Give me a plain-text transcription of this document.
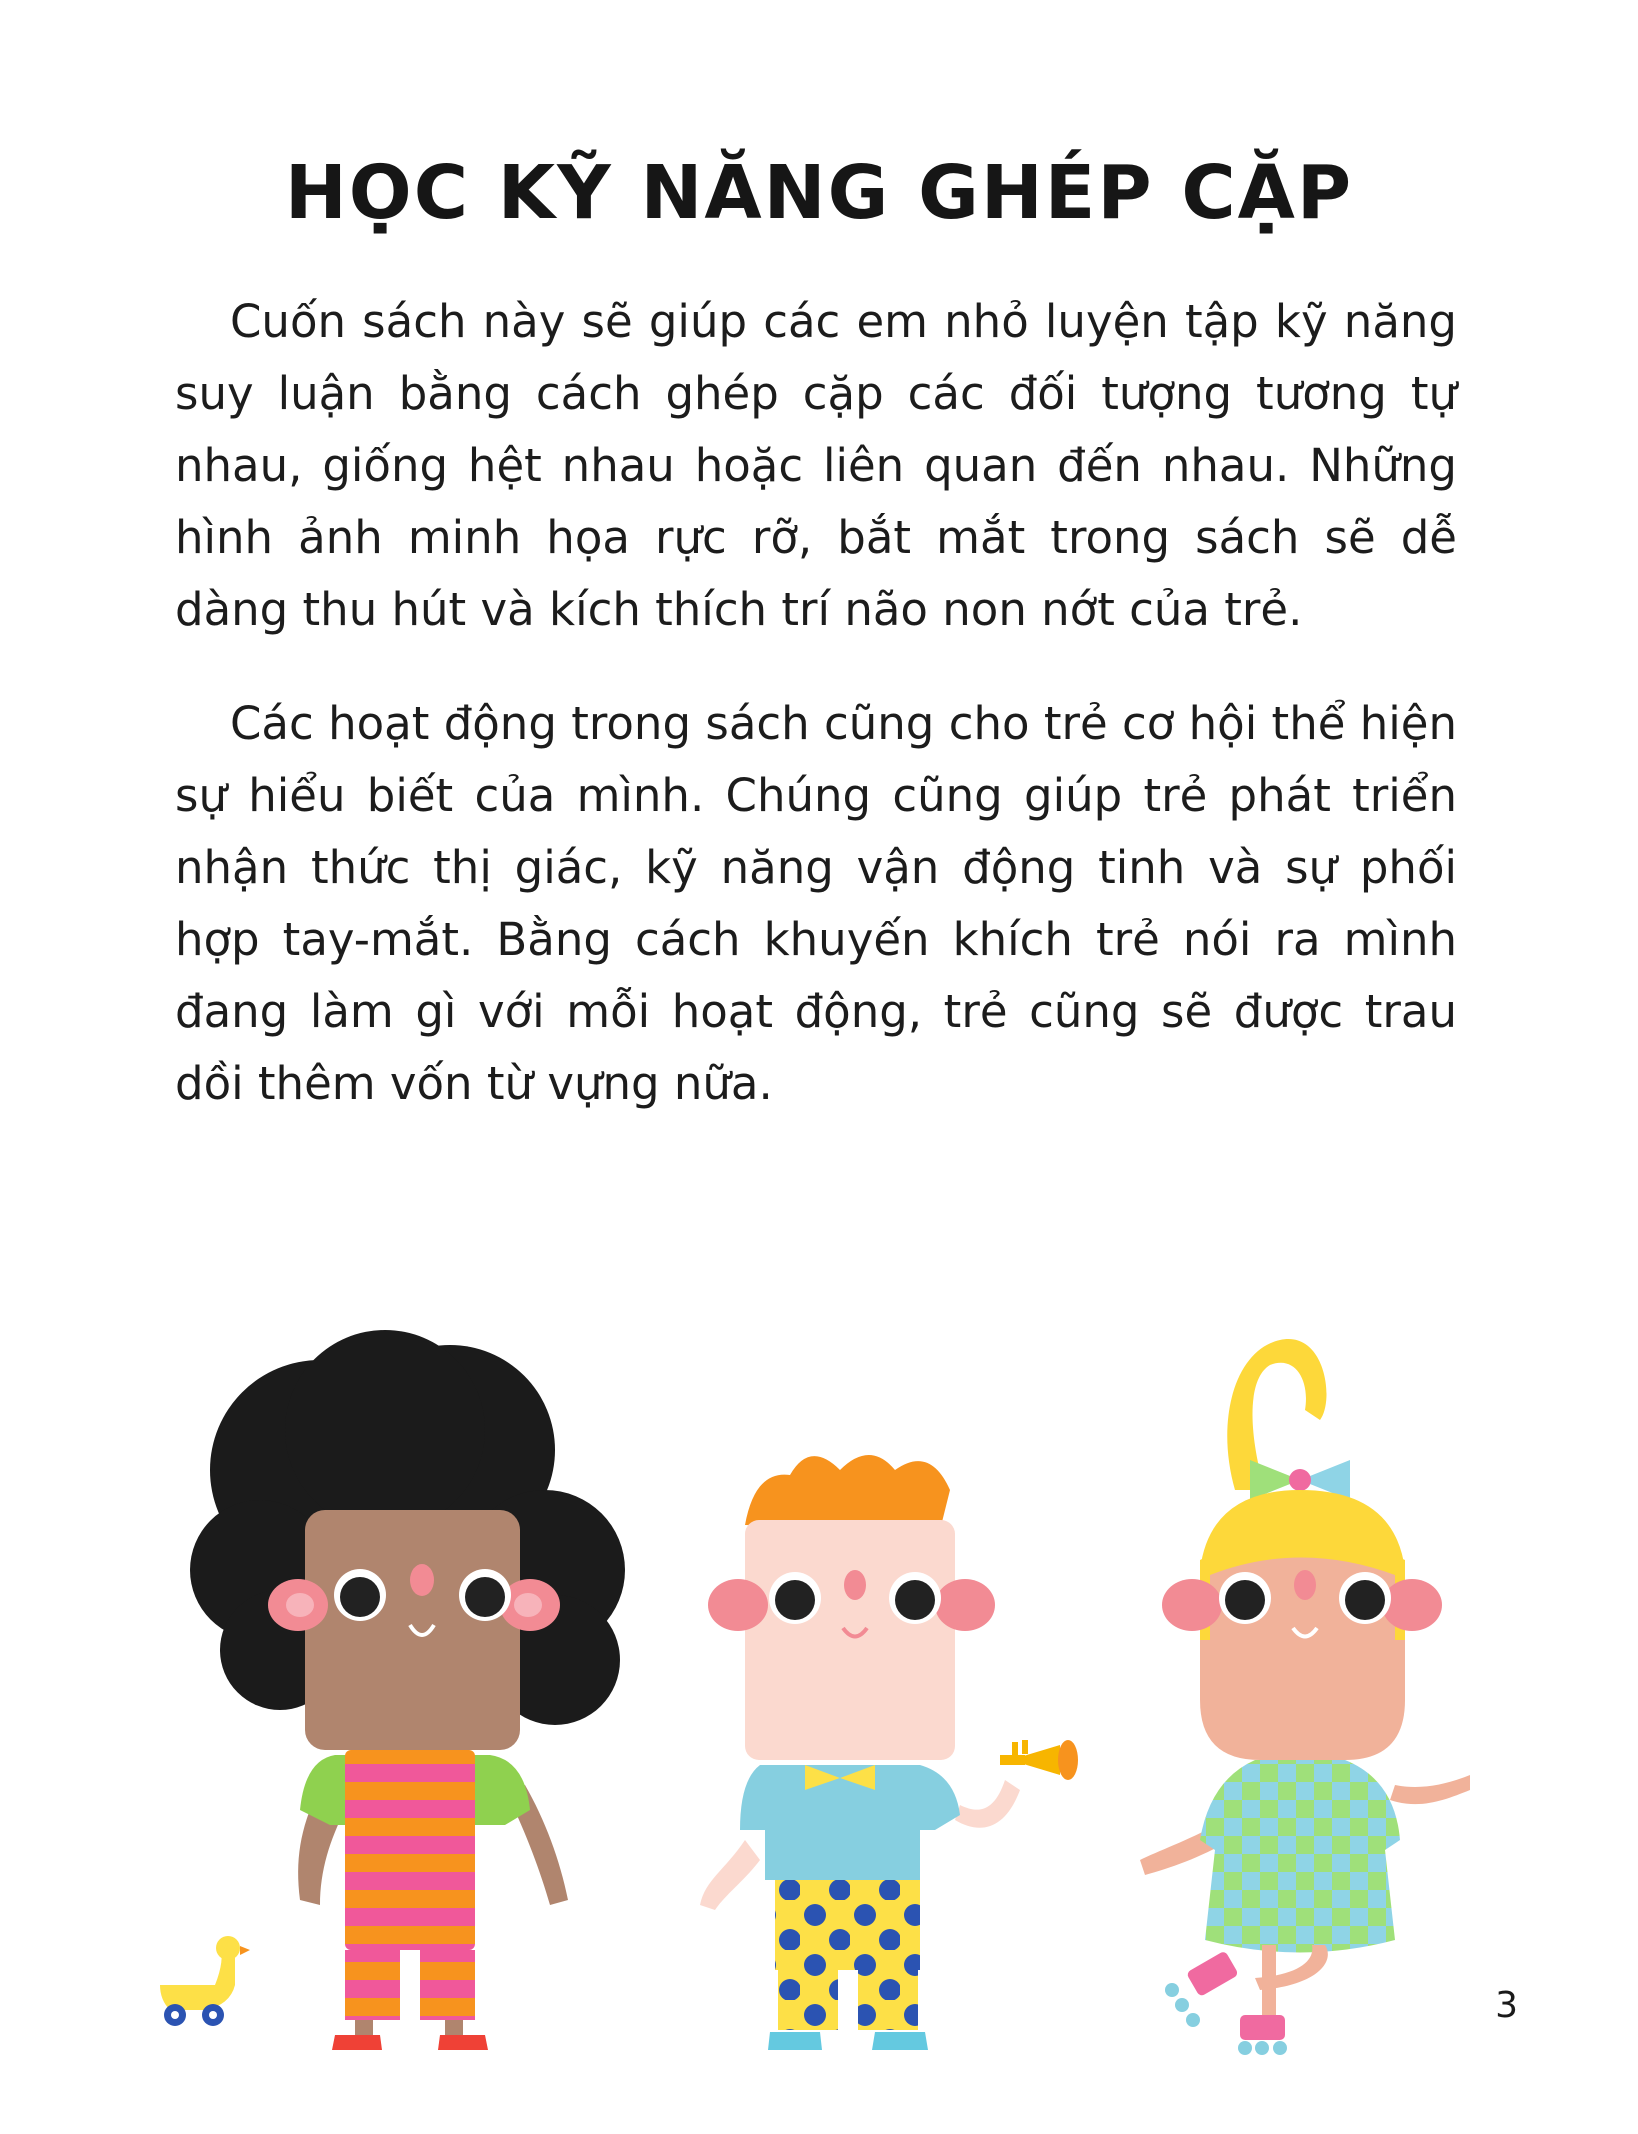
HỌC KỸ NĂNG GHÉP CẶP

Cuốn sách này sẽ giúp các em nhỏ luyện tập kỹ năng suy luận bằng cách ghép cặp các đối tượng tương tự nhau, giống hệt nhau hoặc liên quan đến nhau. Những hình ảnh minh họa rực rỡ, bắt mắt trong sách sẽ dễ dàng thu hút và kích thích trí não non nớt của trẻ.

Các hoạt động trong sách cũng cho trẻ cơ hội thể hiện sự hiểu biết của mình. Chúng cũng giúp trẻ phát triển nhận thức thị giác, kỹ năng vận động tinh và sự phối hợp tay-mắt. Bằng cách khuyến khích trẻ nói ra mình đang làm gì với mỗi hoạt động, trẻ cũng sẽ được trau dồi thêm vốn từ vựng nữa.

3
